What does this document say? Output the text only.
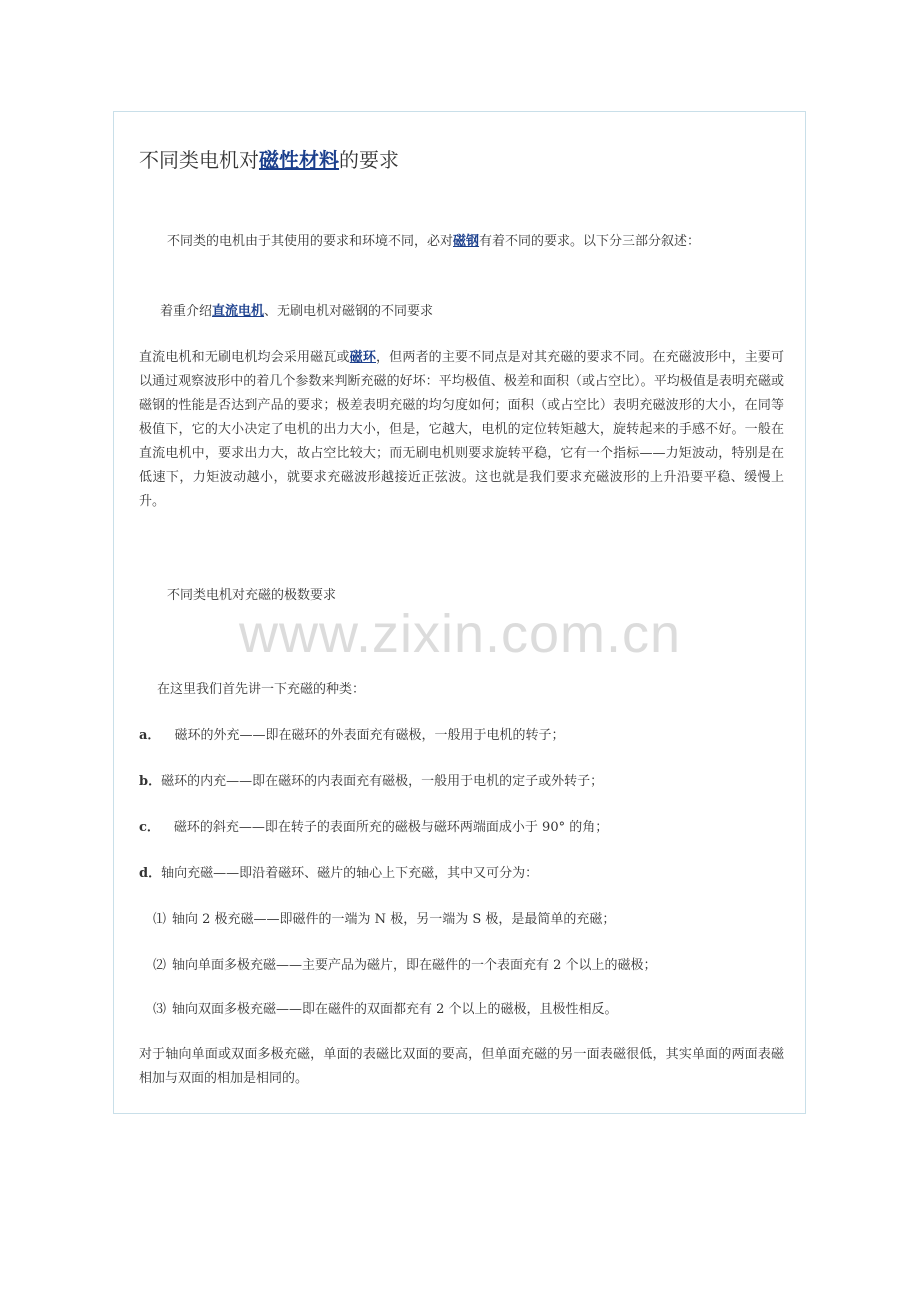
不同类电机对磁性材料的要求
不同类的电机由于其使用的要求和环境不同，必对磁钢有着不同的要求。以下分三部分叙述：
着重介绍直流电机、无刷电机对磁钢的不同要求
直流电机和无刷电机均会采用磁瓦或磁环，但两者的主要不同点是对其充磁的要求不同。在充磁波形中，主要可以通过观察波形中的着几个参数来判断充磁的好坏：平均极值、极差和面积（或占空比）。平均极值是表明充磁或磁钢的性能是否达到产品的要求；极差表明充磁的均匀度如何；面积（或占空比）表明充磁波形的大小，在同等极值下，它的大小决定了电机的出力大小，但是，它越大，电机的定位转矩越大，旋转起来的手感不好。一般在直流电机中，要求出力大，故占空比较大；而无刷电机则要求旋转平稳，它有一个指标——力矩波动，特别是在低速下，力矩波动越小，就要求充磁波形越接近正弦波。这也就是我们要求充磁波形的上升沿要平稳、缓慢上升。
不同类电机对充磁的极数要求
www.zixin.com.cn
在这里我们首先讲一下充磁的种类：
a． 磁环的外充——即在磁环的外表面充有磁极，一般用于电机的转子；
b．磁环的内充——即在磁环的内表面充有磁极，一般用于电机的定子或外转子；
c． 磁环的斜充——即在转子的表面所充的磁极与磁环两端面成小于 90° 的角；
d．轴向充磁——即沿着磁环、磁片的轴心上下充磁，其中又可分为：
⑴ 轴向 2 极充磁——即磁件的一端为 N 极，另一端为 S 极，是最简单的充磁；
⑵ 轴向单面多极充磁——主要产品为磁片，即在磁件的一个表面充有 2 个以上的磁极；
⑶ 轴向双面多极充磁——即在磁件的双面都充有 2 个以上的磁极，且极性相反。
对于轴向单面或双面多极充磁，单面的表磁比双面的要高，但单面充磁的另一面表磁很低，其实单面的两面表磁相加与双面的相加是相同的。
